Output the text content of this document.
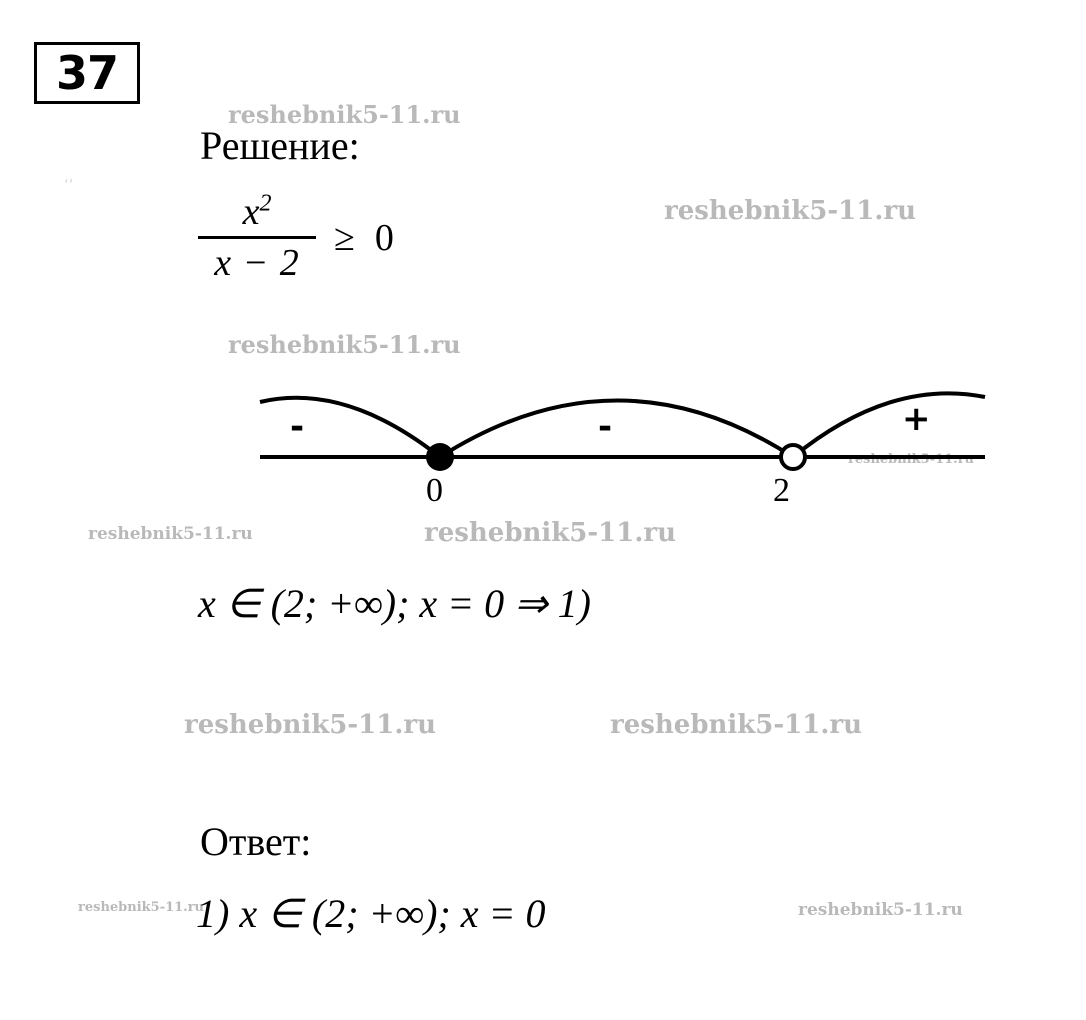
37
reshebnik5-11.ru
reshebnik5-11.ru
reshebnik5-11.ru
reshebnik5-11.ru
reshebnik5-11.ru	reshebnik5-11.ru
reshebnik5-11.ru	reshebnik5-11.ru
reshebnik5-11.ru	reshebnik5-11.ru
ʻʻ
Решение:
Ответ:
$\frac{x^2}{x - 2} \ge 0$
-	-	+
0	2
x ∈ (2; +∞); x = 0 ⇒ 1)
1) x ∈ (2; +∞); x = 0
